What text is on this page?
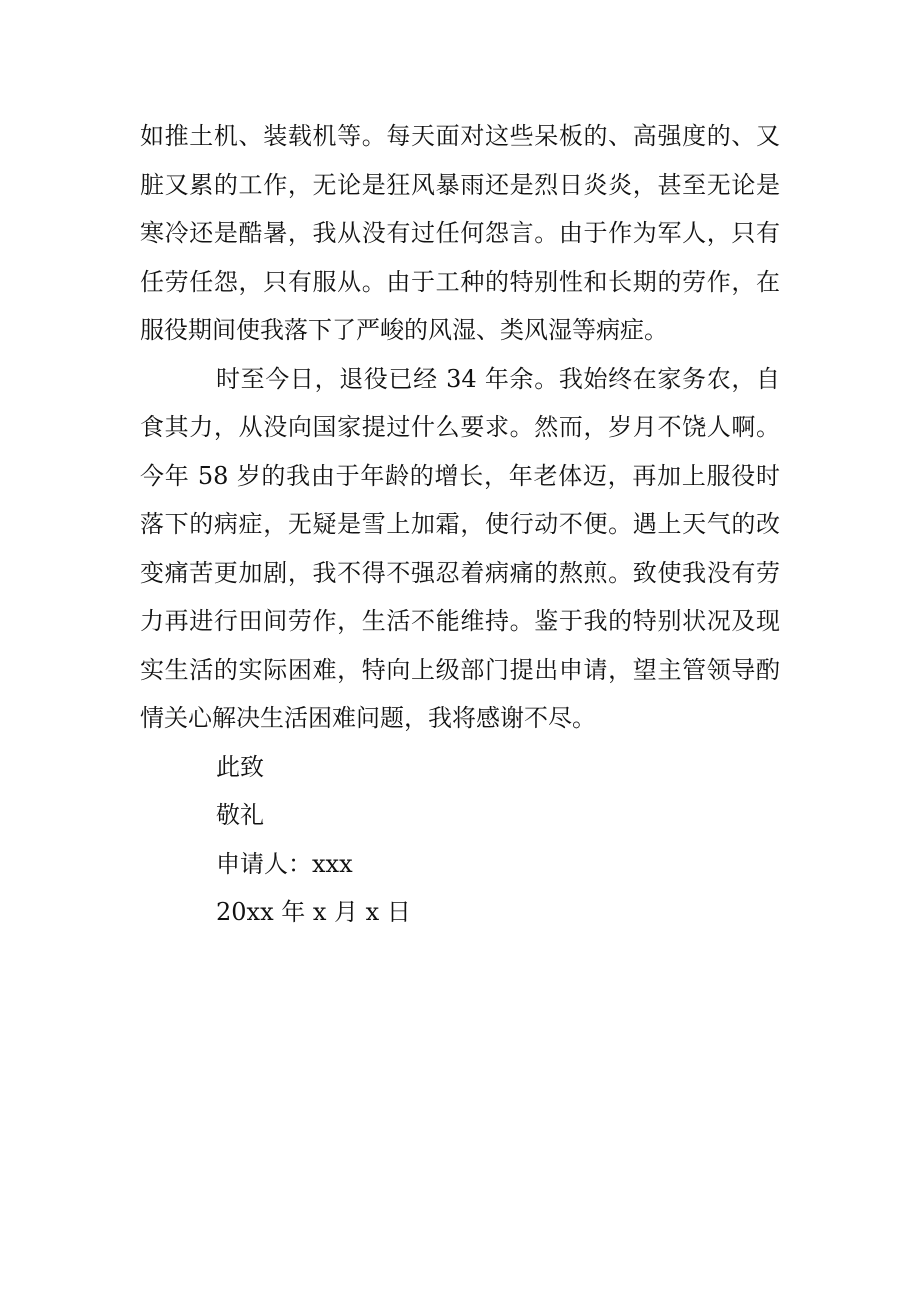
如推土机、装载机等。每天面对这些呆板的、高强度的、又
脏又累的工作，无论是狂风暴雨还是烈日炎炎，甚至无论是
寒冷还是酷暑，我从没有过任何怨言。由于作为军人，只有
任劳任怨，只有服从。由于工种的特别性和长期的劳作，在
服役期间使我落下了严峻的风湿、类风湿等病症。
时至今日，退役已经 34 年余。我始终在家务农，自
食其力，从没向国家提过什么要求。然而，岁月不饶人啊。
今年 58 岁的我由于年龄的增长，年老体迈，再加上服役时
落下的病症，无疑是雪上加霜，使行动不便。遇上天气的改
变痛苦更加剧，我不得不强忍着病痛的熬煎。致使我没有劳
力再进行田间劳作，生活不能维持。鉴于我的特别状况及现
实生活的实际困难，特向上级部门提出申请，望主管领导酌
情关心解决生活困难问题，我将感谢不尽。
此致
敬礼
申请人：xxx
20xx 年 x 月 x 日
